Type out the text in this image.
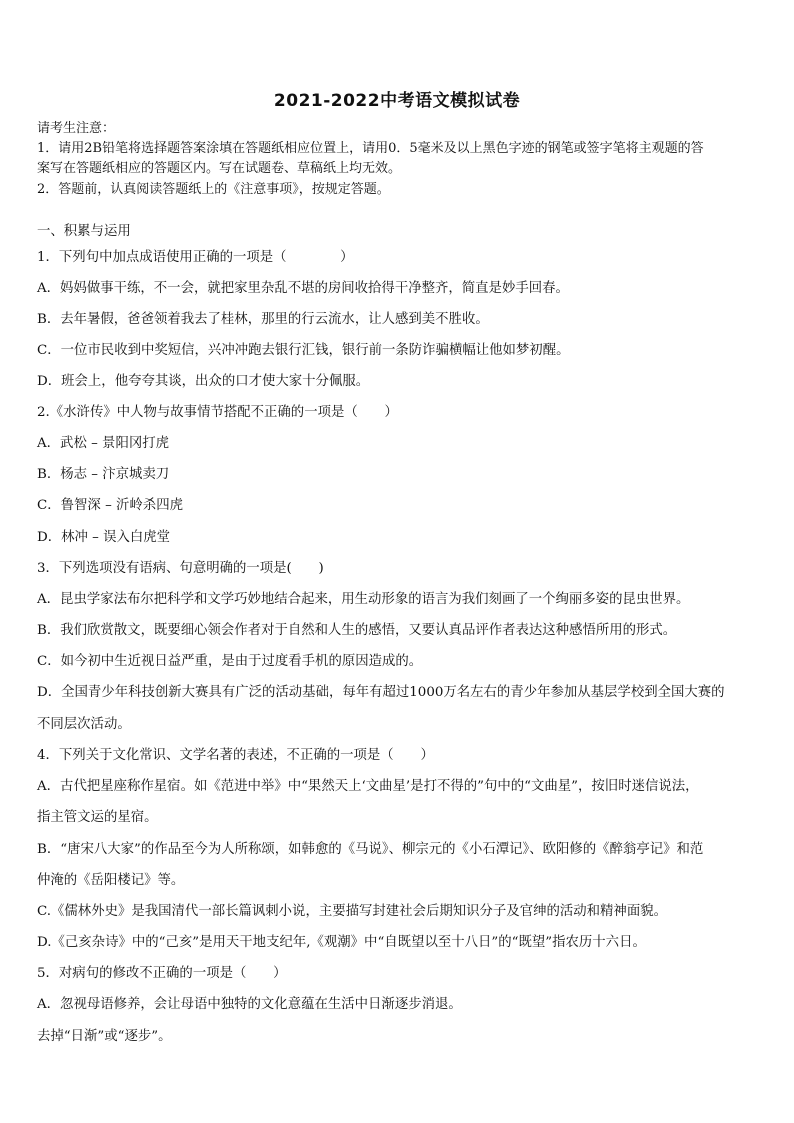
2021-2022中考语文模拟试卷
请考生注意：
1．请用2B铅笔将选择题答案涂填在答题纸相应位置上，请用0．5毫米及以上黑色字迹的钢笔或签字笔将主观题的答
案写在答题纸相应的答题区内。写在试题卷、草稿纸上均无效。
2．答题前，认真阅读答题纸上的《注意事项》，按规定答题。
一、积累与运用
1．下列句中加点成语使用正确的一项是（　　　　）
A．妈妈做事干练，不一会，就把家里杂乱不堪的房间收拾得干净整齐，简直是妙手回春。
B．去年暑假，爸爸领着我去了桂林，那里的行云流水，让人感到美不胜收。
C．一位市民收到中奖短信，兴冲冲跑去银行汇钱，银行前一条防诈骗横幅让他如梦初醒。
D．班会上，他夸夸其谈，出众的口才使大家十分佩服。
2.《水浒传》中人物与故事情节搭配不正确的一项是（　　）
A．武松 – 景阳冈打虎
B．杨志 – 汴京城卖刀
C．鲁智深 – 沂岭杀四虎
D．林冲 – 误入白虎堂
3．下列选项没有语病、句意明确的一项是(　　)
A．昆虫学家法布尔把科学和文学巧妙地结合起来，用生动形象的语言为我们刻画了一个绚丽多姿的昆虫世界。
B．我们欣赏散文，既要细心领会作者对于自然和人生的感悟，又要认真品评作者表达这种感悟所用的形式。
C．如今初中生近视日益严重，是由于过度看手机的原因造成的。
D．全国青少年科技创新大赛具有广泛的活动基础，每年有超过1000万名左右的青少年参加从基层学校到全国大赛的
不同层次活动。
4．下列关于文化常识、文学名著的表述，不正确的一项是（　　）
A．古代把星座称作星宿。如《范进中举》中“果然天上‘文曲星’是打不得的”句中的“文曲星”，按旧时迷信说法，
指主管文运的星宿。
B．“唐宋八大家”的作品至今为人所称颂，如韩愈的《马说》、柳宗元的《小石潭记》、欧阳修的《醉翁亭记》和范
仲淹的《岳阳楼记》等。
C.《儒林外史》是我国清代一部长篇讽刺小说，主要描写封建社会后期知识分子及官绅的活动和精神面貌。
D.《己亥杂诗》中的“己亥”是用天干地支纪年,《观潮》中“自既望以至十八日”的“既望”指农历十六日。
5．对病句的修改不正确的一项是（　　）
A．忽视母语修养，会让母语中独特的文化意蕴在生活中日渐逐步消退。
去掉“日渐”或“逐步”。
